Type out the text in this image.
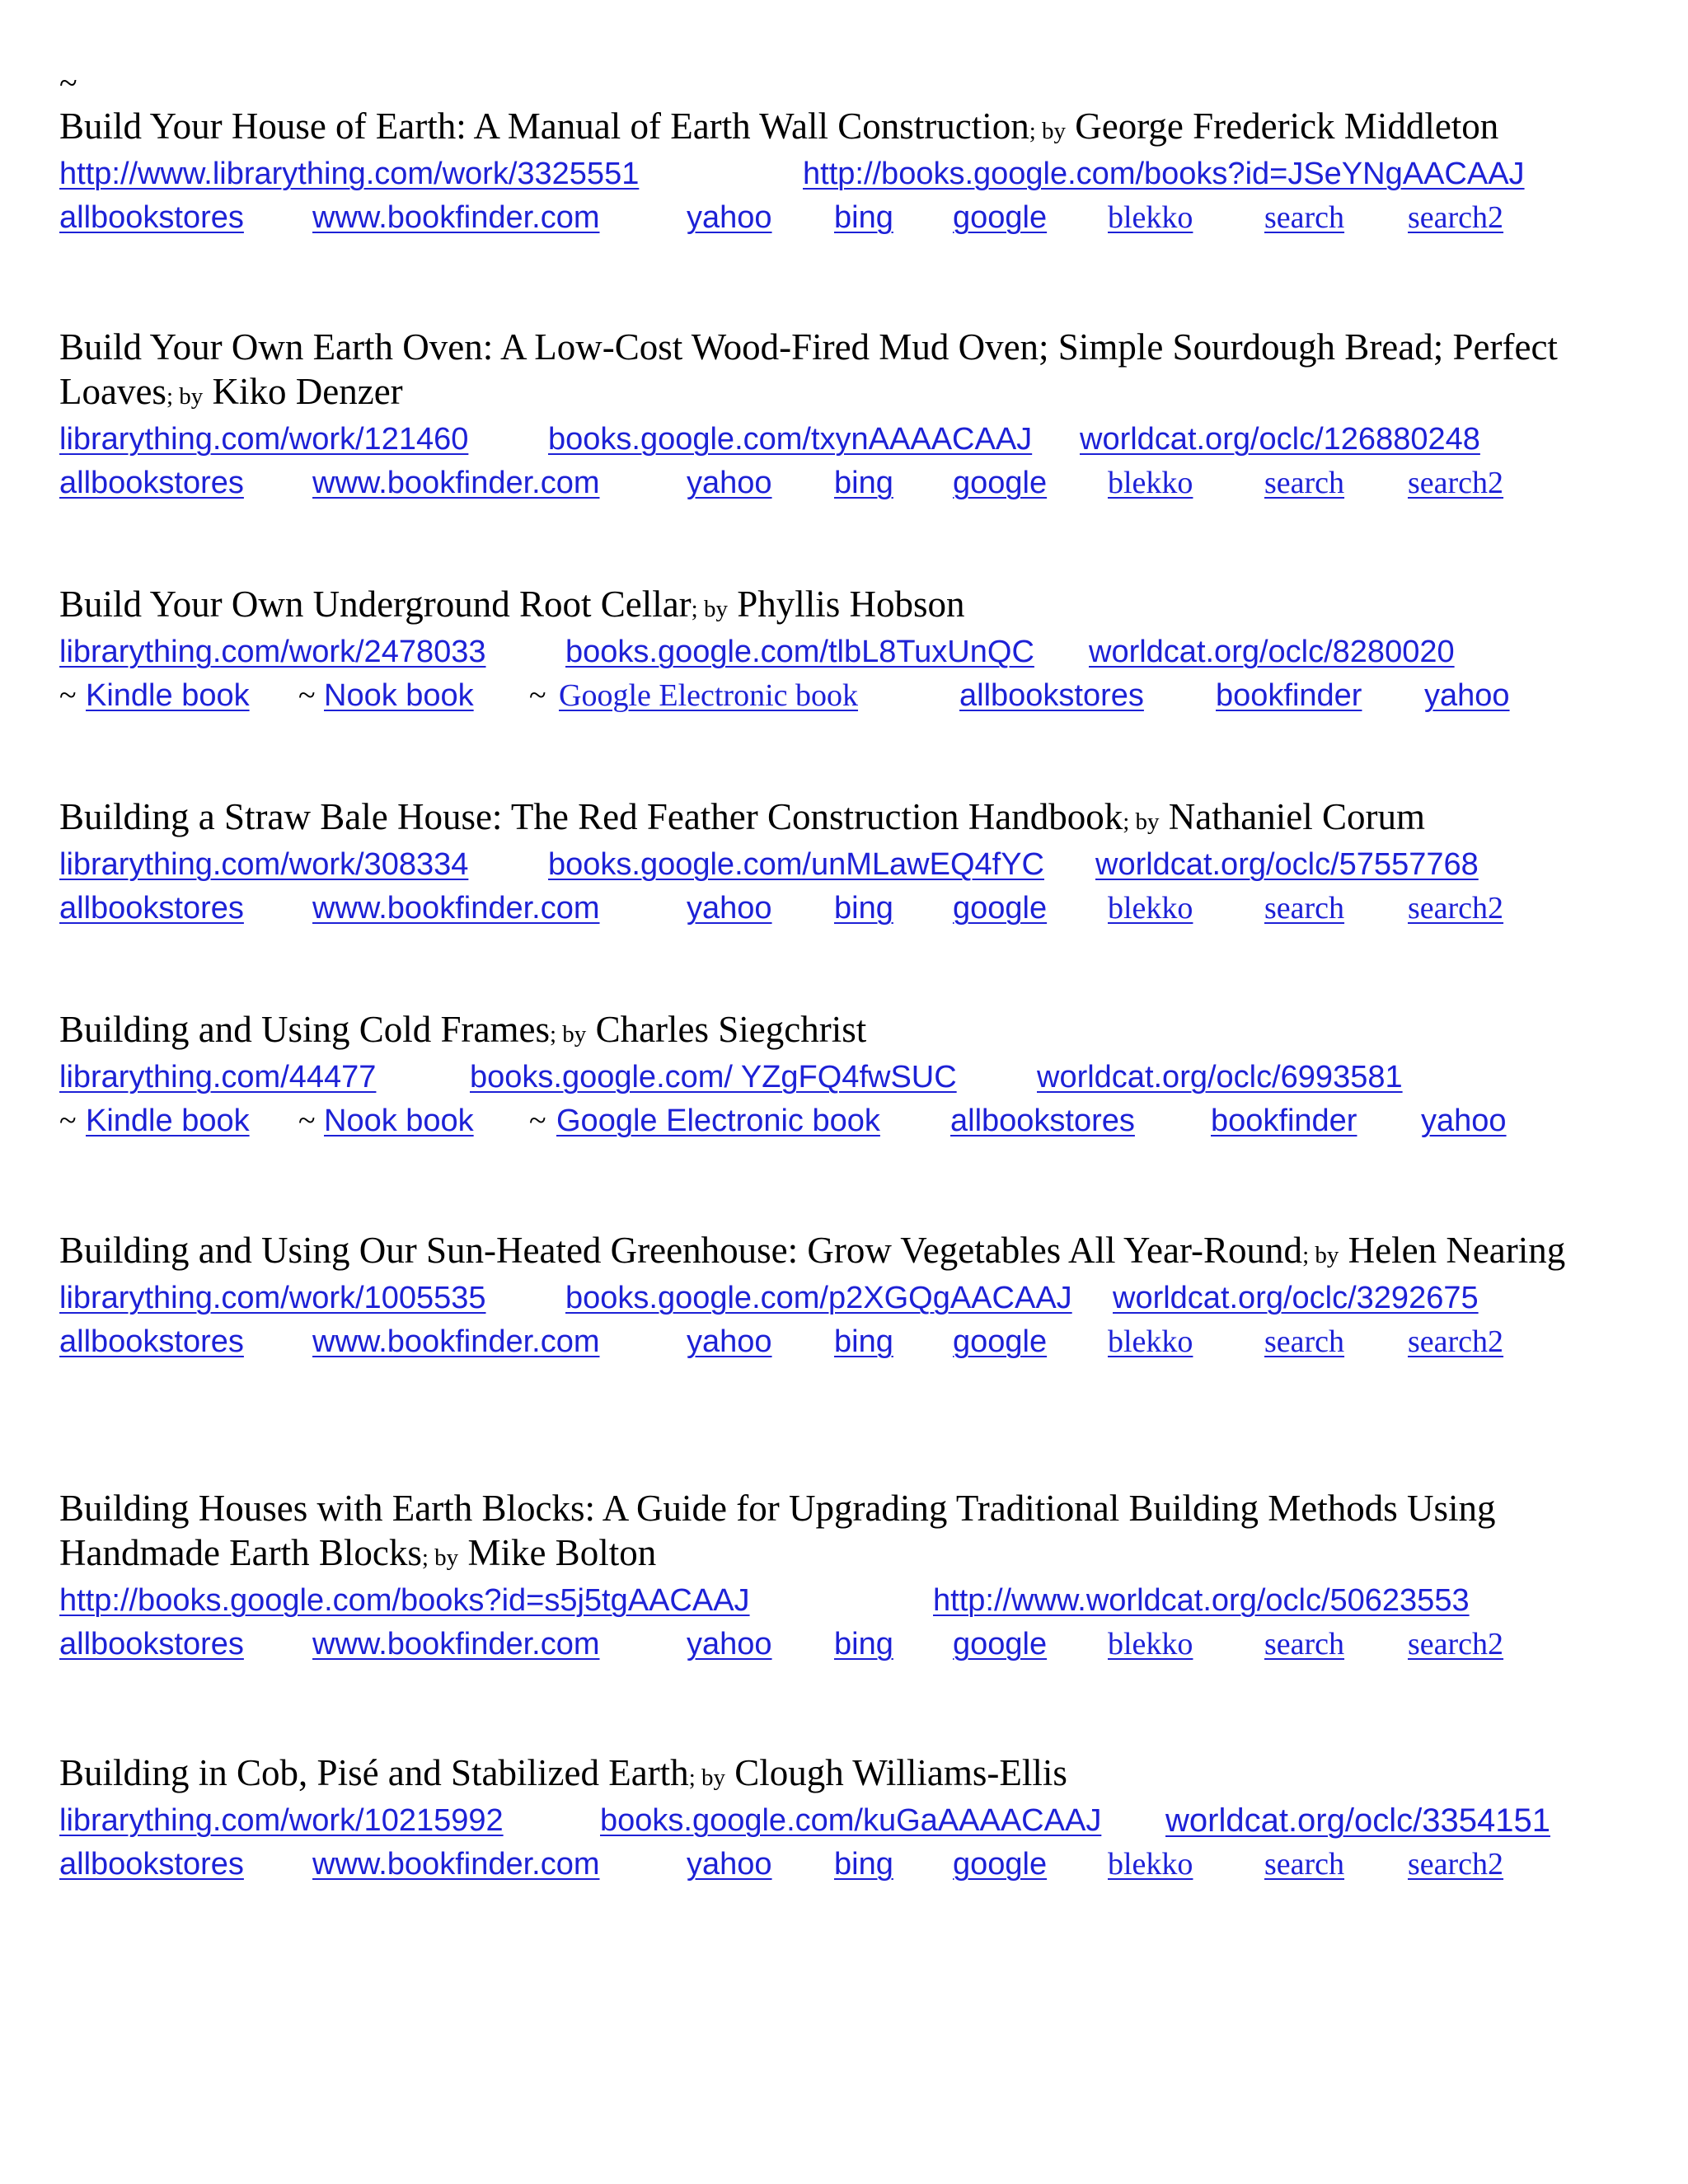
~
Build Your House of Earth: A Manual of Earth Wall Construction; by George Frederick Middleton
http://www.librarything.com/work/3325551	http://books.google.com/books?id=JSeYNgAACAAJ
allbookstores www.bookfinder.com	yahoo bing google blekko search search2
Build Your Own Earth Oven: A Low-Cost Wood-Fired Mud Oven; Simple Sourdough Bread; Perfect Loaves; by Kiko Denzer
librarything.com/work/121460	books.google.com/txynAAAACAAJ worldcat.org/oclc/126880248
allbookstores www.bookfinder.com	yahoo bing google blekko search search2
Build Your Own Underground Root Cellar; by Phyllis Hobson
librarything.com/work/2478033	books.google.com/tlbL8TuxUnQC worldcat.org/oclc/8280020
~ Kindle book ~ Nook book ~ Google Electronic book	allbookstores bookfinder yahoo
Building a Straw Bale House: The Red Feather Construction Handbook; by Nathaniel Corum
librarything.com/work/308334	books.google.com/unMLawEQ4fYC worldcat.org/oclc/57557768
allbookstores www.bookfinder.com	yahoo bing google blekko search search2
Building and Using Cold Frames; by Charles Siegchrist
librarything.com/44477	books.google.com/ YZgFQ4fwSUC	worldcat.org/oclc/6993581
~ Kindle book ~ Nook book ~ Google Electronic book allbookstores bookfinder yahoo
Building and Using Our Sun-Heated Greenhouse: Grow Vegetables All Year-Round; by Helen Nearing
librarything.com/work/1005535	books.google.com/p2XGQgAACAAJ worldcat.org/oclc/3292675
allbookstores www.bookfinder.com	yahoo bing google blekko search search2
Building Houses with Earth Blocks: A Guide for Upgrading Traditional Building Methods Using Handmade Earth Blocks; by Mike Bolton
http://books.google.com/books?id=s5j5tgAACAAJ	http://www.worldcat.org/oclc/50623553
allbookstores www.bookfinder.com	yahoo bing google blekko search search2
Building in Cob, Pisé and Stabilized Earth; by Clough Williams-Ellis
librarything.com/work/10215992	books.google.com/kuGaAAAACAAJ worldcat.org/oclc/3354151
allbookstores www.bookfinder.com	yahoo bing google blekko search search2
